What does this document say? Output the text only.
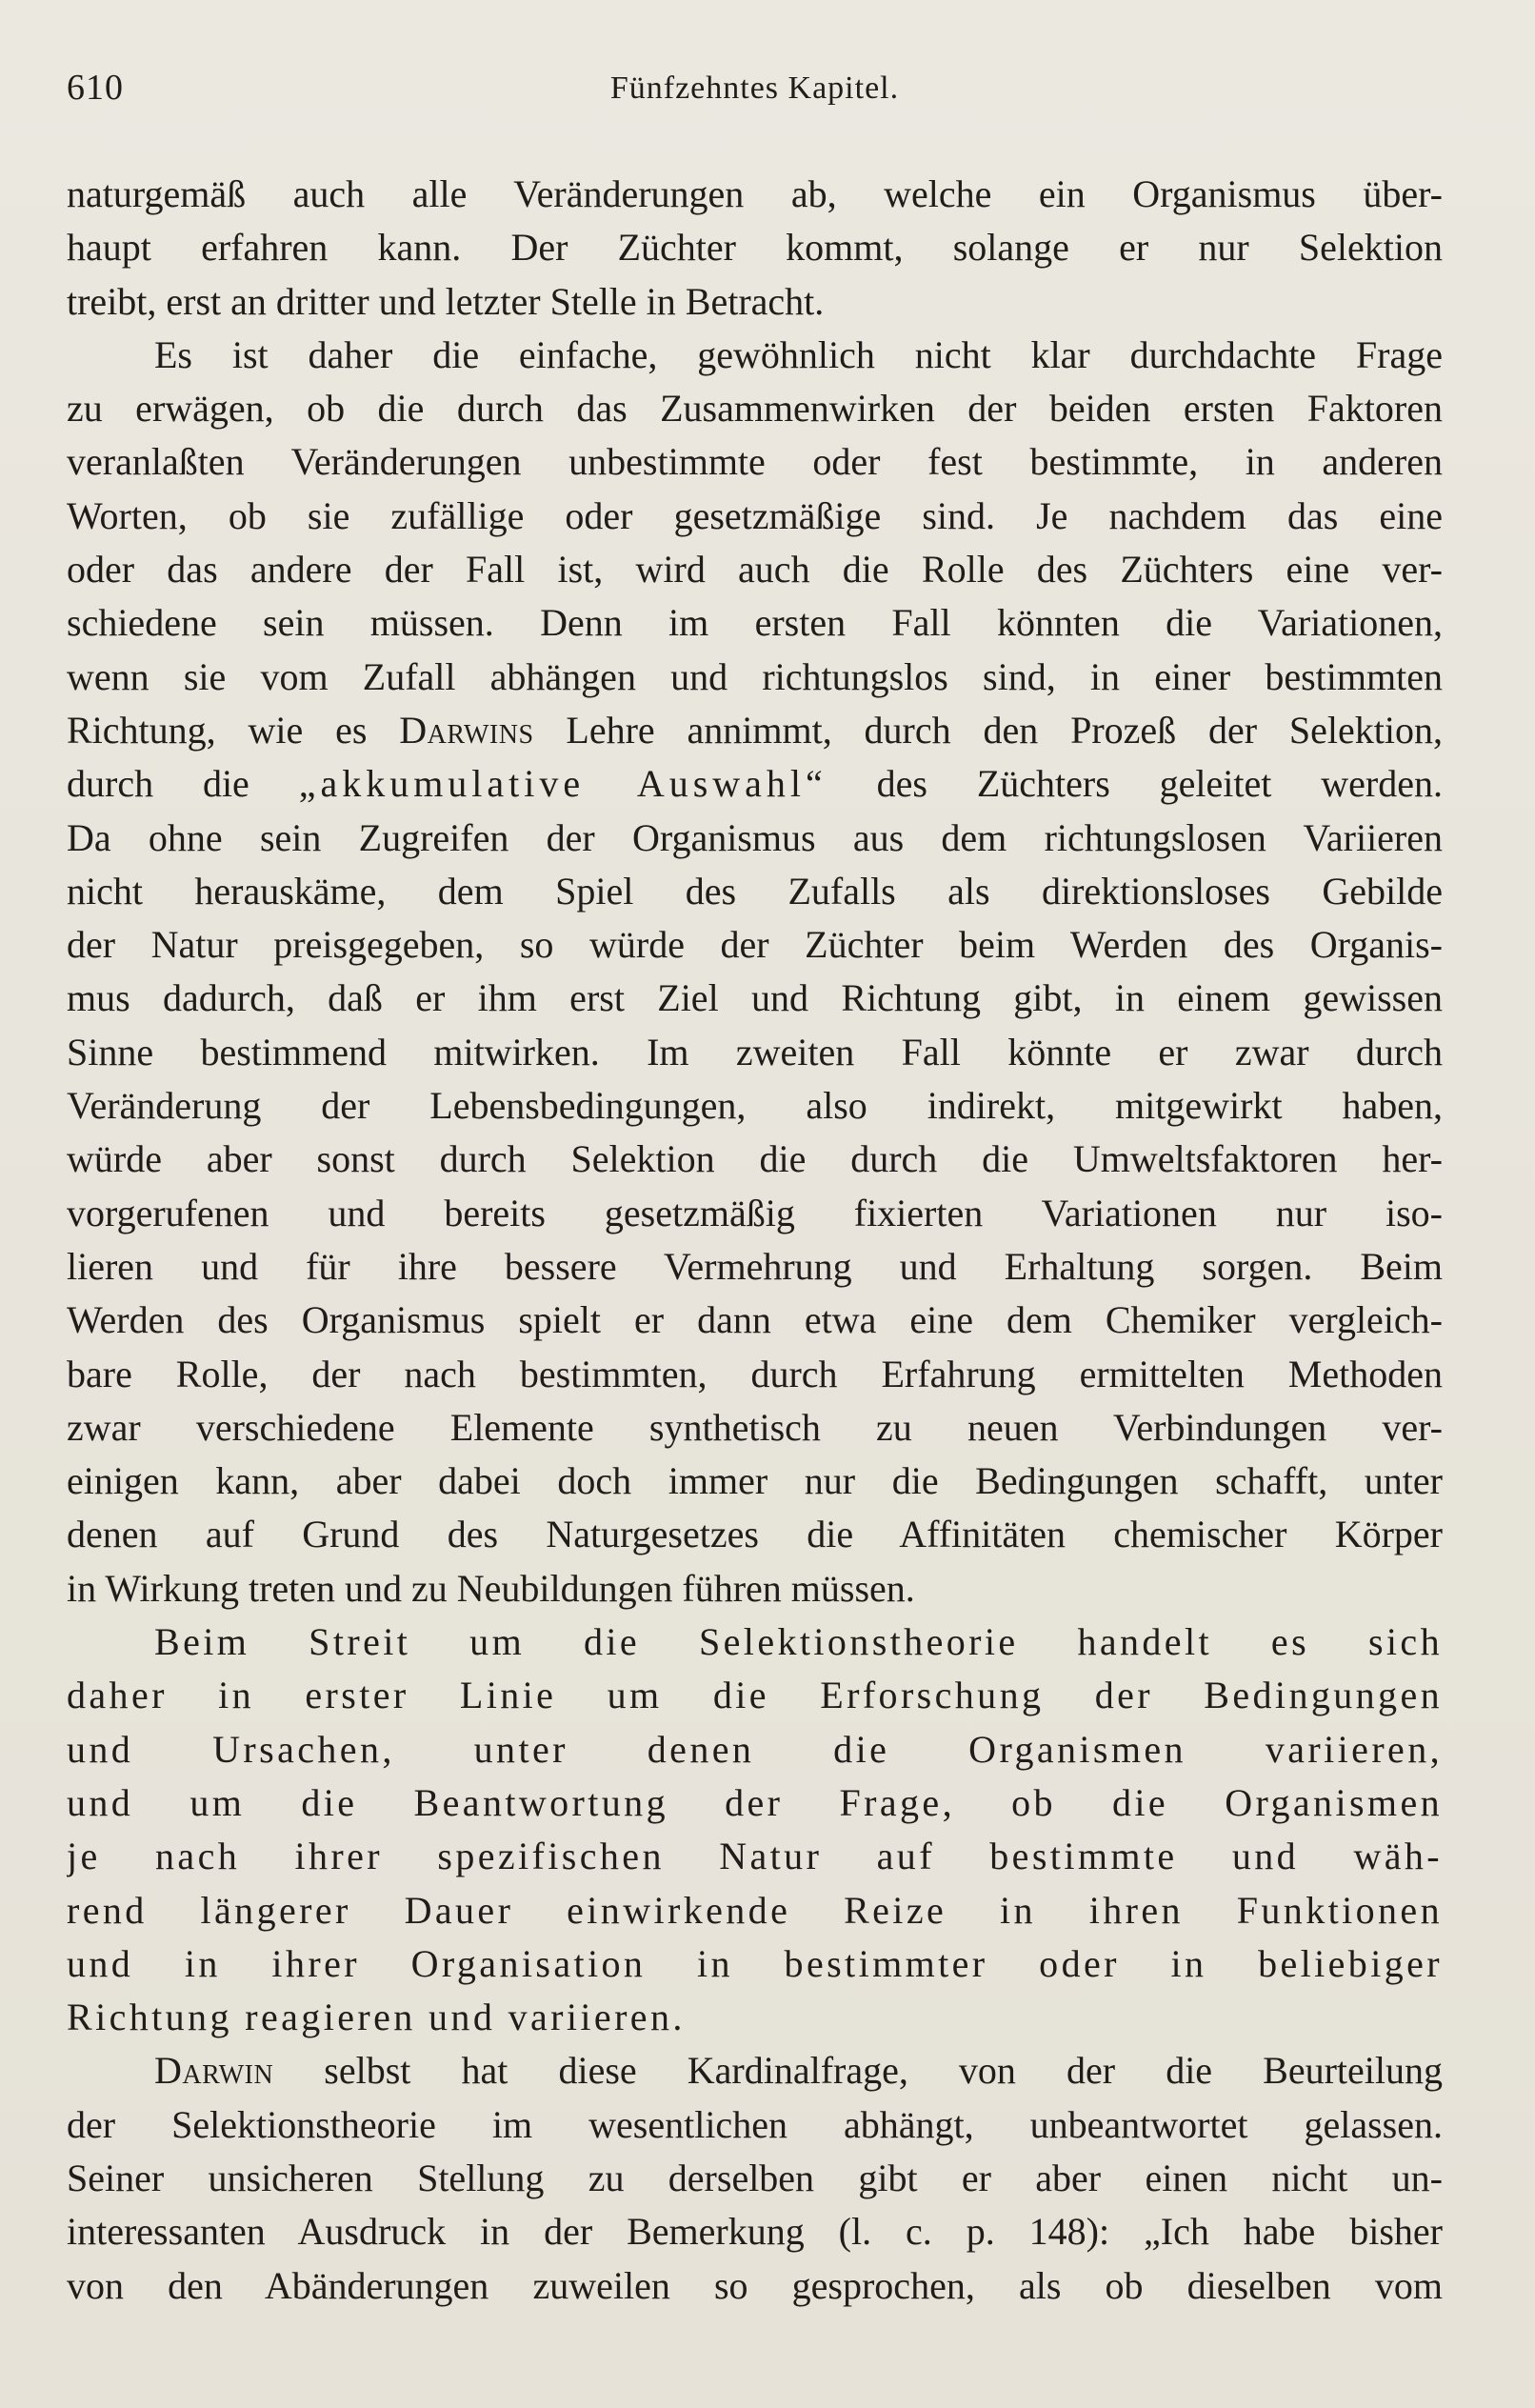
610	Fünfzehntes Kapitel.
naturgemäß auch alle Veränderungen ab, welche ein Organismus über-
haupt erfahren kann. Der Züchter kommt, solange er nur Selektion
treibt, erst an dritter und letzter Stelle in Betracht.
Es ist daher die einfache, gewöhnlich nicht klar durchdachte Frage
zu erwägen, ob die durch das Zusammenwirken der beiden ersten Faktoren
veranlaßten Veränderungen unbestimmte oder fest bestimmte, in anderen
Worten, ob sie zufällige oder gesetzmäßige sind. Je nachdem das eine
oder das andere der Fall ist, wird auch die Rolle des Züchters eine ver-
schiedene sein müssen. Denn im ersten Fall könnten die Variationen,
wenn sie vom Zufall abhängen und richtungslos sind, in einer bestimmten
Richtung, wie es Darwins Lehre annimmt, durch den Prozeß der Selektion,
durch die „akkumulative Auswahl“ des Züchters geleitet werden.
Da ohne sein Zugreifen der Organismus aus dem richtungslosen Variieren
nicht herauskäme, dem Spiel des Zufalls als direktionsloses Gebilde
der Natur preisgegeben, so würde der Züchter beim Werden des Organis-
mus dadurch, daß er ihm erst Ziel und Richtung gibt, in einem gewissen
Sinne bestimmend mitwirken. Im zweiten Fall könnte er zwar durch
Veränderung der Lebensbedingungen, also indirekt, mitgewirkt haben,
würde aber sonst durch Selektion die durch die Umweltsfaktoren her-
vorgerufenen und bereits gesetzmäßig fixierten Variationen nur iso-
lieren und für ihre bessere Vermehrung und Erhaltung sorgen. Beim
Werden des Organismus spielt er dann etwa eine dem Chemiker vergleich-
bare Rolle, der nach bestimmten, durch Erfahrung ermittelten Methoden
zwar verschiedene Elemente synthetisch zu neuen Verbindungen ver-
einigen kann, aber dabei doch immer nur die Bedingungen schafft, unter
denen auf Grund des Naturgesetzes die Affinitäten chemischer Körper
in Wirkung treten und zu Neubildungen führen müssen.
Beim Streit um die Selektionstheorie handelt es sich
daher in erster Linie um die Erforschung der Bedingungen
und Ursachen, unter denen die Organismen variieren,
und um die Beantwortung der Frage, ob die Organismen
je nach ihrer spezifischen Natur auf bestimmte und wäh-
rend längerer Dauer einwirkende Reize in ihren Funktionen
und in ihrer Organisation in bestimmter oder in beliebiger
Richtung reagieren und variieren.
Darwin selbst hat diese Kardinalfrage, von der die Beurteilung
der Selektionstheorie im wesentlichen abhängt, unbeantwortet gelassen.
Seiner unsicheren Stellung zu derselben gibt er aber einen nicht un-
interessanten Ausdruck in der Bemerkung (l. c. p. 148): „Ich habe bisher
von den Abänderungen zuweilen so gesprochen, als ob dieselben vom
